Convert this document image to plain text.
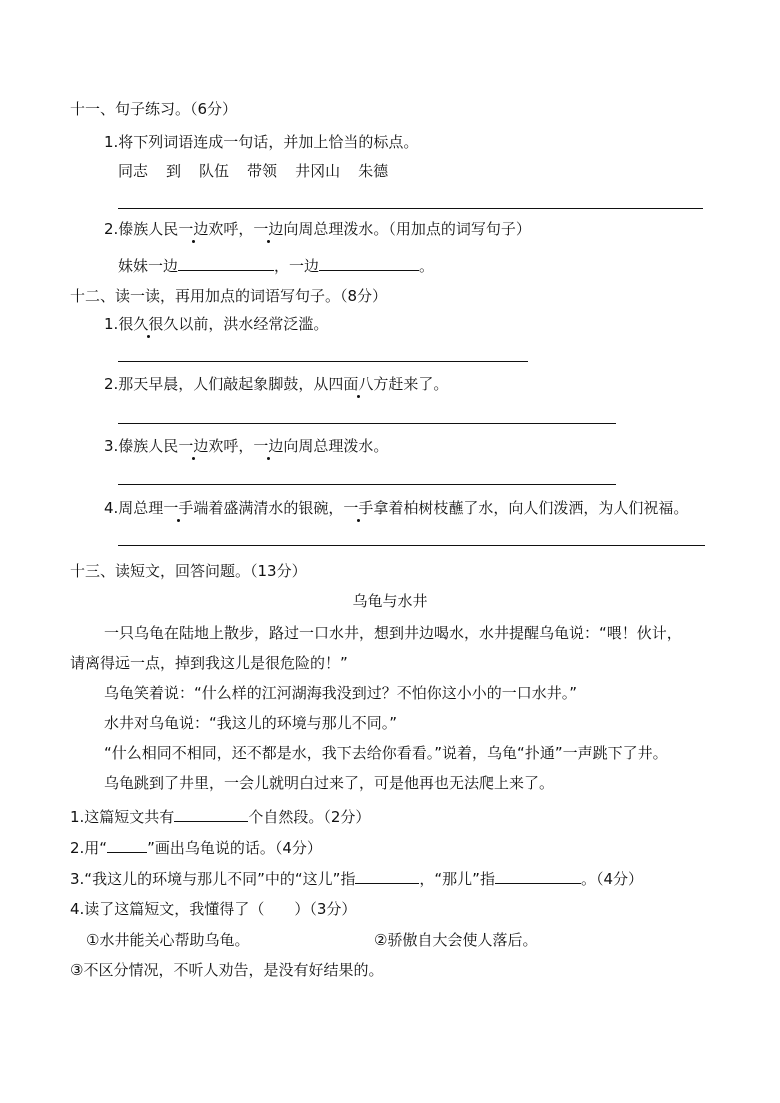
十一、句子练习。（6分）
1.将下列词语连成一句话，并加上恰当的标点。
同志 到 队伍 带领 井冈山 朱德
2.傣族人民一边欢呼，一边向周总理泼水。（用加点的词写句子）
妹妹一边	，一边	。
十二、读一读，再用加点的词语写句子。（8分）
1.很久很久以前，洪水经常泛滥。
2.那天早晨，人们敲起象脚鼓，从四面八方赶来了。
3.傣族人民一边欢呼，一边向周总理泼水。
4.周总理一手端着盛满清水的银碗，一手拿着柏树枝蘸了水，向人们泼洒，为人们祝福。
十三、读短文，回答问题。（13分）
乌龟与水井
一只乌龟在陆地上散步，路过一口水井，想到井边喝水，水井提醒乌龟说：“喂！伙计，
请离得远一点，掉到我这儿是很危险的！”
乌龟笑着说：“什么样的江河湖海我没到过？不怕你这小小的一口水井。”
水井对乌龟说：“我这儿的环境与那儿不同。”
“什么相同不相同，还不都是水，我下去给你看看。”说着，乌龟“扑通”一声跳下了井。
乌龟跳到了井里，一会儿就明白过来了，可是他再也无法爬上来了。
1.这篇短文共有	个自然段。（2分）
2.用“	”画出乌龟说的话。（4分）
3.“我这儿的环境与那儿不同”中的“这儿”指	，“那儿”指	。（4分）
4.读了这篇短文，我懂得了（　　）（3分）
①水井能关心帮助乌龟。	②骄傲自大会使人落后。
③不区分情况，不听人劝告，是没有好结果的。
